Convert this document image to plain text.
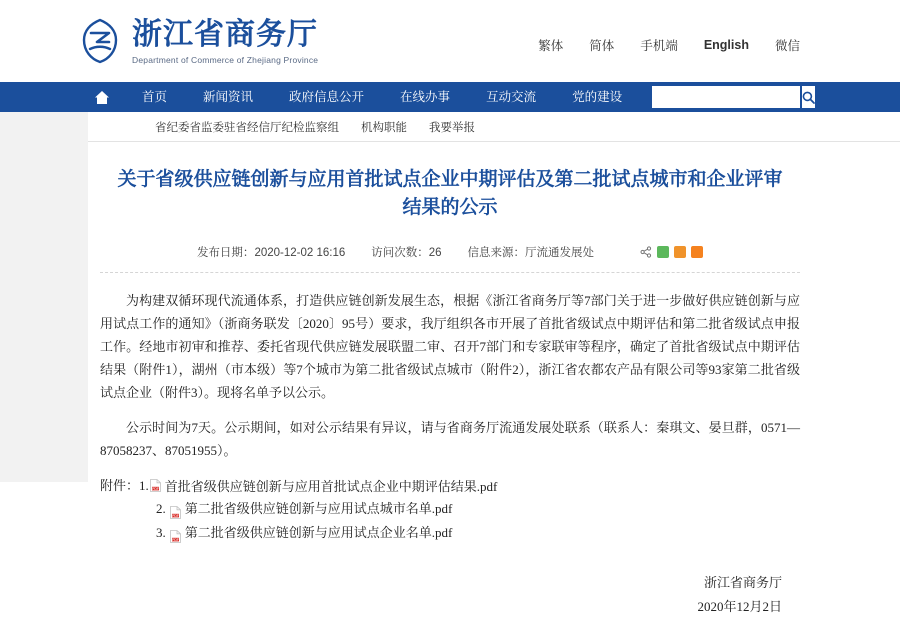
浙江省商务厅
Department of Commerce of Zhejiang Province
繁体 简体 手机端 English 微信
首页	新闻资讯	政府信息公开	在线办事	互动交流	党的建设
省纪委省监委驻省经信厅纪检监察组 机构职能 我要举报
关于省级供应链创新与应用首批试点企业中期评估及第二批试点城市和企业评审结果的公示
发布日期：2020-12-02 16:16 访问次数：26 信息来源：厅流通发展处

为构建双循环现代流通体系，打造供应链创新发展生态，根据《浙江省商务厅等7部门关于进一步做好供应链创新与应用试点工作的通知》（浙商务联发〔2020〕95号）要求，我厅组织各市开展了首批省级试点中期评估和第二批省级试点申报工作。经地市初审和推荐、委托省现代供应链发展联盟二审、召开7部门和专家联审等程序，确定了首批省级试点中期评估结果（附件1），湖州（市本级）等7个城市为第二批省级试点城市（附件2），浙江省农都农产品有限公司等93家第二批省级试点企业（附件3）。现将名单予以公示。

公示时间为7天。公示期间，如对公示结果有异议，请与省商务厅流通发展处联系（联系人：秦琪文、晏旦群，0571—87058237、87051955）。

附件： 1. PDF 首批省级供应链创新与应用首批试点企业中期评估结果.pdf
2. PDF 第二批省级供应链创新与应用试点城市名单.pdf
3. PDF 第二批省级供应链创新与应用试点企业名单.pdf
浙江省商务厅
2020年12月2日
